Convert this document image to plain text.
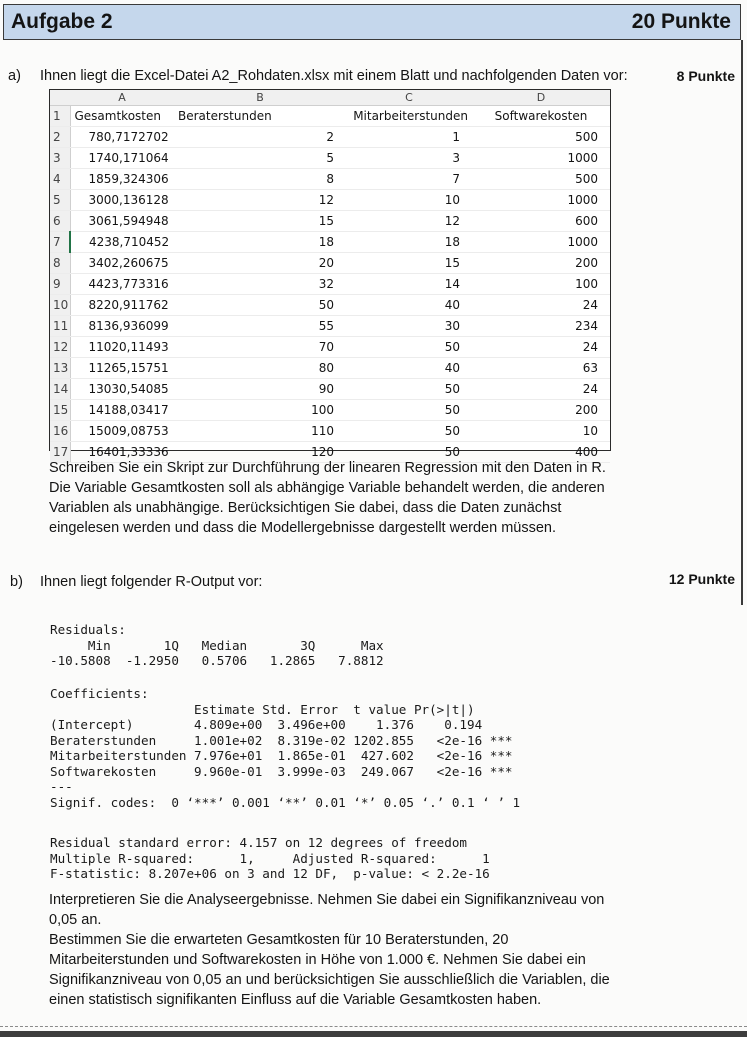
Aufgabe 2	20 Punkte
a) Ihnen liegt die Excel-Datei A2_Rohdaten.xlsx mit einem Blatt und nachfolgenden Daten vor:	8 Punkte
	A	B	C	D
1	Gesamtkosten	Beraterstunden	Mitarbeiterstunden	Softwarekosten
2	780,7172702	2	1	500
3	1740,171064	5	3	1000
4	1859,324306	8	7	500
5	3000,136128	12	10	1000
6	3061,594948	15	12	600
7	4238,710452	18	18	1000
8	3402,260675	20	15	200
9	4423,773316	32	14	100
10	8220,911762	50	40	24
11	8136,936099	55	30	234
12	11020,11493	70	50	24
13	11265,15751	80	40	63
14	13030,54085	90	50	24
15	14188,03417	100	50	200
16	15009,08753	110	50	10
17	16401,33336	120	50	400
Schreiben Sie ein Skript zur Durchführung der linearen Regression mit den Daten in R. Die Variable Gesamtkosten soll als abhängige Variable behandelt werden, die anderen Variablen als unabhängige. Berücksichtigen Sie dabei, dass die Daten zunächst eingelesen werden und dass die Modellergebnisse dargestellt werden müssen.
b) Ihnen liegt folgender R-Output vor:	12 Punkte
Residuals:
Min       1Q   Median       3Q      Max
-10.5808  -1.2950   0.5706   1.2865   7.8812
Coefficients:
Estimate Std. Error  t value Pr(>|t|)
(Intercept)        4.809e+00  3.496e+00    1.376    0.194
Beraterstunden     1.001e+02  8.319e-02 1202.855   <2e-16 ***
Mitarbeiterstunden 7.976e+01  1.865e-01  427.602   <2e-16 ***
Softwarekosten     9.960e-01  3.999e-03  249.067   <2e-16 ***
---
Signif. codes:  0 ‘***’ 0.001 ‘**’ 0.01 ‘*’ 0.05 ‘.’ 0.1 ‘ ’ 1
Residual standard error: 4.157 on 12 degrees of freedom
Multiple R-squared:      1,     Adjusted R-squared:      1
F-statistic: 8.207e+06 on 3 and 12 DF,  p-value: < 2.2e-16
Interpretieren Sie die Analyseergebnisse. Nehmen Sie dabei ein Signifikanzniveau von 0,05 an.
Bestimmen Sie die erwarteten Gesamtkosten für 10 Beraterstunden, 20 Mitarbeiterstunden und Softwarekosten in Höhe von 1.000 €. Nehmen Sie dabei ein Signifikanzniveau von 0,05 an und berücksichtigen Sie ausschließlich die Variablen, die einen statistisch signifikanten Einfluss auf die Variable Gesamtkosten haben.
